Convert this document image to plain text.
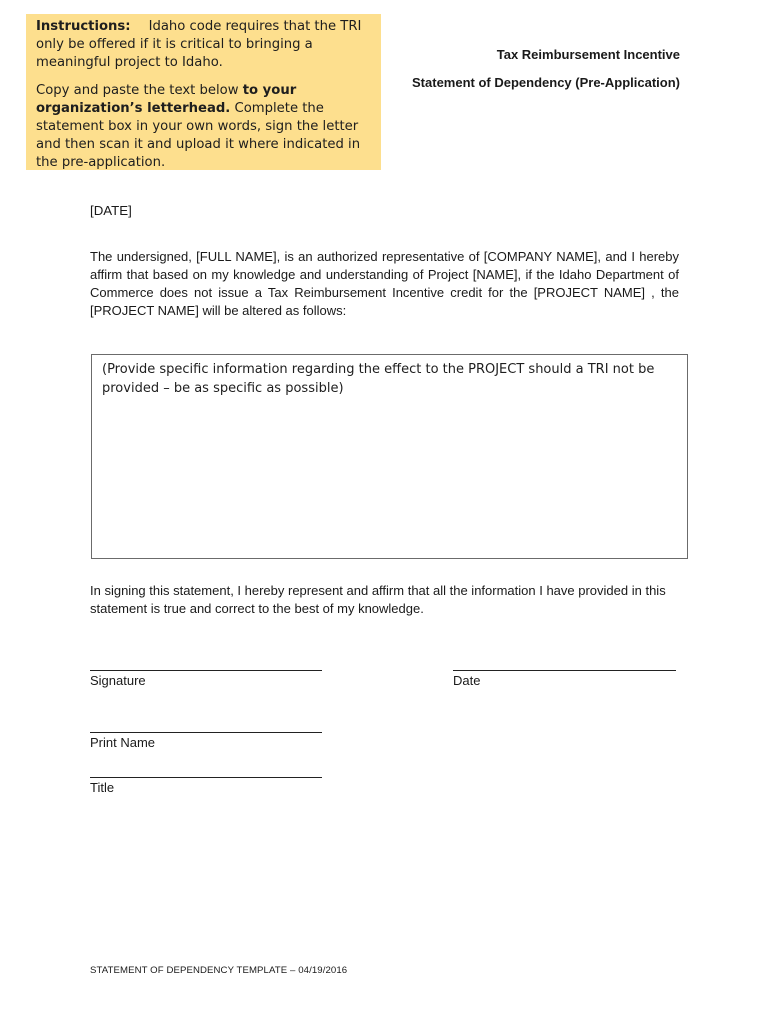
Instructions: Idaho code requires that the TRI only be offered if it is critical to bringing a meaningful project to Idaho.

Copy and paste the text below to your organization’s letterhead. Complete the statement box in your own words, sign the letter and then scan it and upload it where indicated in the pre-application.

Tax Reimbursement Incentive
Statement of Dependency (Pre-Application)
[DATE]

The undersigned, [FULL NAME], is an authorized representative of [COMPANY NAME], and I hereby affirm that based on my knowledge and understanding of Project [NAME], if the Idaho Department of Commerce does not issue a Tax Reimbursement Incentive credit for the [PROJECT NAME] , the [PROJECT NAME] will be altered as follows:

(Provide specific information regarding the effect to the PROJECT should a TRI not be provided – be as specific as possible)

In signing this statement, I hereby represent and affirm that all the information I have provided in this statement is true and correct to the best of my knowledge.

Signature	Date
Print Name
Title
STATEMENT OF DEPENDENCY TEMPLATE – 04/19/2016
